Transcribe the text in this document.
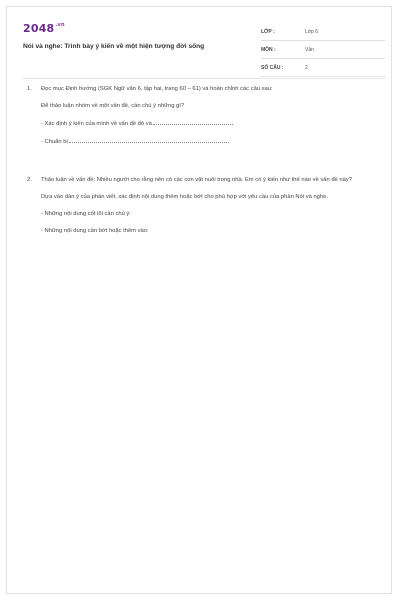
$2048^{.vn}$
Nói và nghe: Trình bày ý kiến về một hiện tượng đời sống
LỚP :	Lớp 6
MÔN :	Văn
SỐ CÂU :	2
1. Đọc mục Định hướng (SGK Ngữ văn 6, tập hai, trang 60 – 61) và hoàn chỉnh các câu sau:

Để thảo luận nhóm về một vấn đề, cần chú ý những gì?

- Xác định ý kiến của mình về vấn đề đó và

- Chuẩn bị

2. Thảo luận về vấn đề: Nhiều người cho rằng nên có các con vật nuôi trong nhà. Em có ý kiến như thế nào về vấn đề này?

Dựa vào dàn ý của phần viết, xác định nội dung thêm hoặc bớt cho phù hợp với yêu cầu của phần Nói và nghe.

- Những nội dung cốt lõi cần chú ý:

- Những nội dung cần bớt hoặc thêm vào:
